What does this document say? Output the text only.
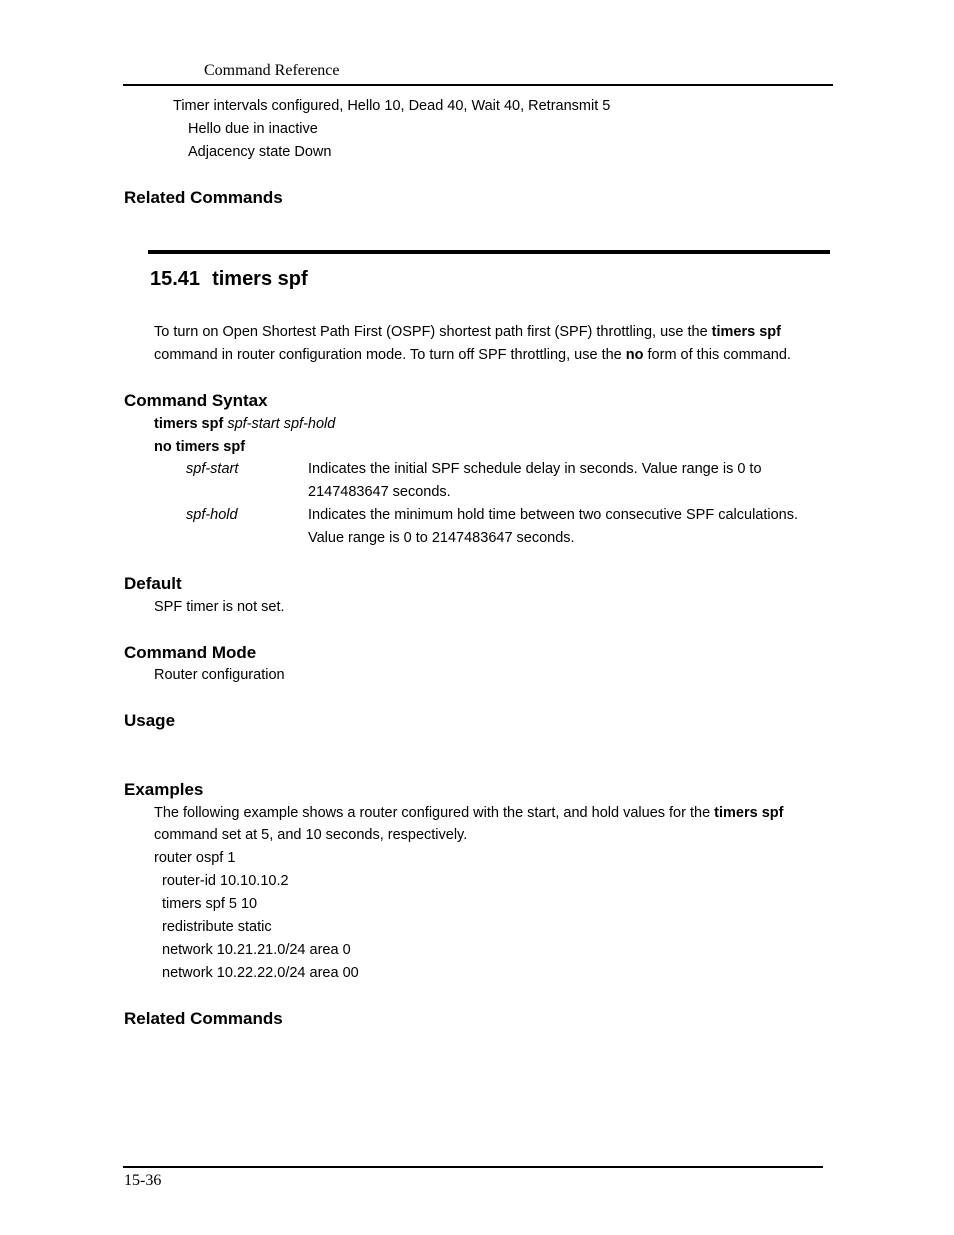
Command Reference
Timer intervals configured, Hello 10, Dead 40, Wait 40, Retransmit 5
Hello due in inactive
Adjacency state Down
Related Commands
15.41 timers spf
To turn on Open Shortest Path First (OSPF) shortest path first (SPF) throttling, use the timers spf
command in router configuration mode. To turn off SPF throttling, use the no form of this command.
Command Syntax
timers spf spf-start spf-hold
no timers spf
spf-start	Indicates the initial SPF schedule delay in seconds. Value range is 0 to
2147483647 seconds.
spf-hold	Indicates the minimum hold time between two consecutive SPF calculations.
Value range is 0 to 2147483647 seconds.
Default
SPF timer is not set.
Command Mode
Router configuration
Usage
Examples
The following example shows a router configured with the start, and hold values for the timers spf
command set at 5, and 10 seconds, respectively.
router ospf 1
router-id 10.10.10.2
timers spf 5 10
redistribute static
network 10.21.21.0/24 area 0
network 10.22.22.0/24 area 00
Related Commands
15-36
